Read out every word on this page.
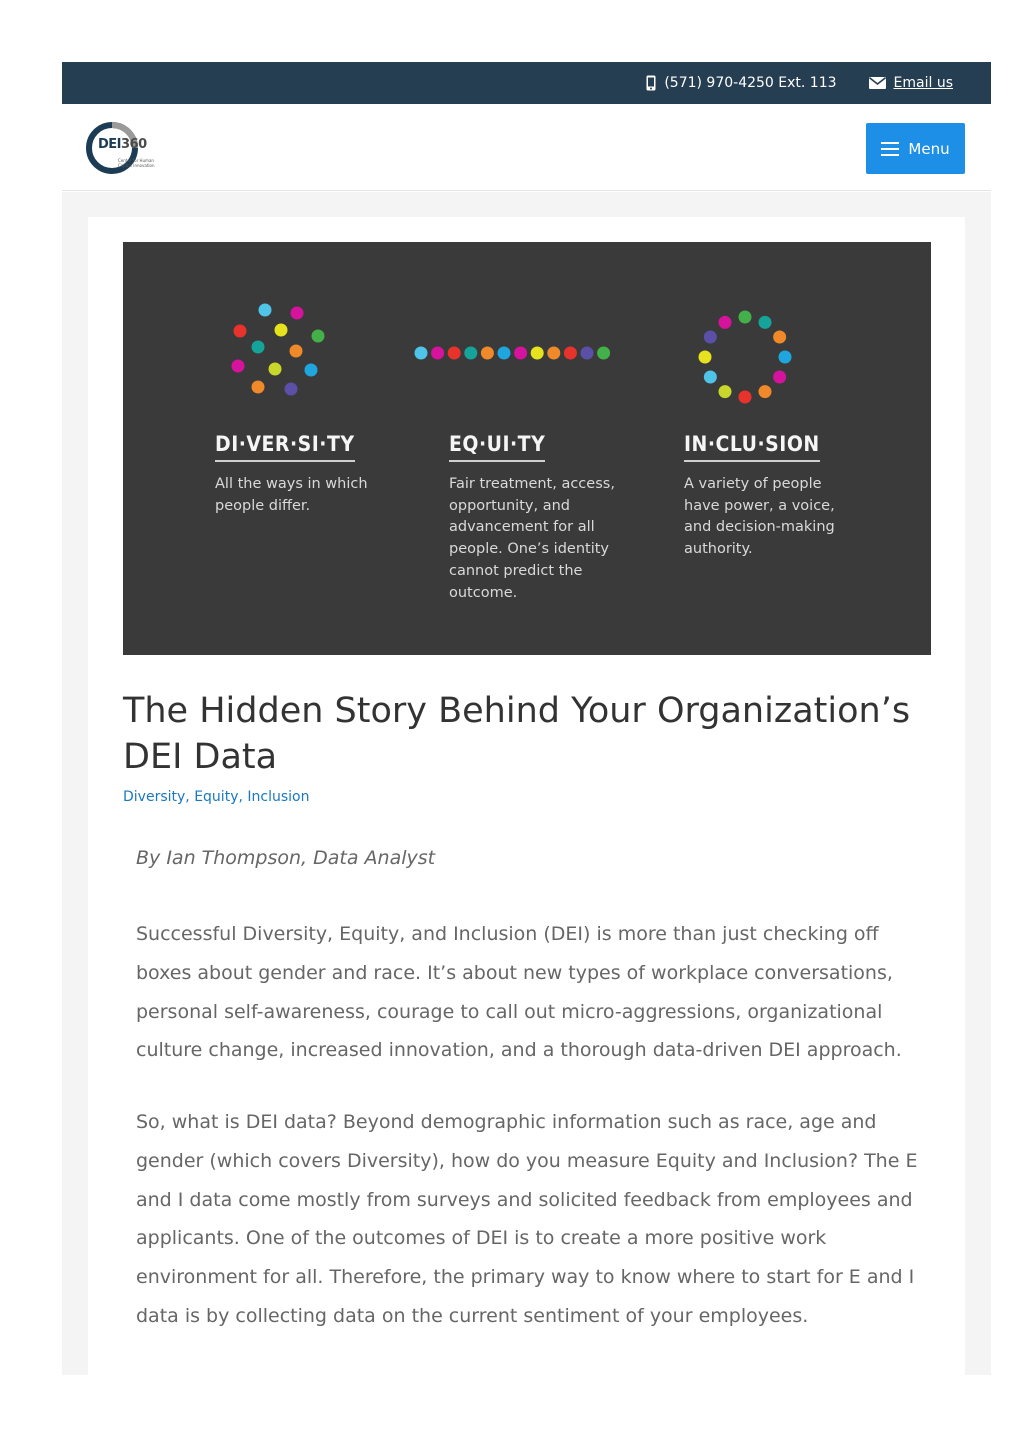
(571) 970-4250 Ext. 113	Email us
DEI360
Center for Human Capital Innovation
Menu
DI·VER·SI·TY
All the ways in which people differ.
EQ·UI·TY
Fair treatment, access, opportunity, and advancement for all people. One’s identity cannot predict the outcome.
IN·CLU·SION
A variety of people have power, a voice, and decision-making authority.
The Hidden Story Behind Your Organization’s DEI Data
Diversity, Equity, Inclusion

By Ian Thompson, Data Analyst

Successful Diversity, Equity, and Inclusion (DEI) is more than just checking off boxes about gender and race. It’s about new types of workplace conversations, personal self-awareness, courage to call out micro-aggressions, organizational culture change, increased innovation, and a thorough data-driven DEI approach.

So, what is DEI data? Beyond demographic information such as race, age and gender (which covers Diversity), how do you measure Equity and Inclusion? The E and I data come mostly from surveys and solicited feedback from employees and applicants. One of the outcomes of DEI is to create a more positive work environment for all. Therefore, the primary way to know where to start for E and I data is by collecting data on the current sentiment of your employees.
